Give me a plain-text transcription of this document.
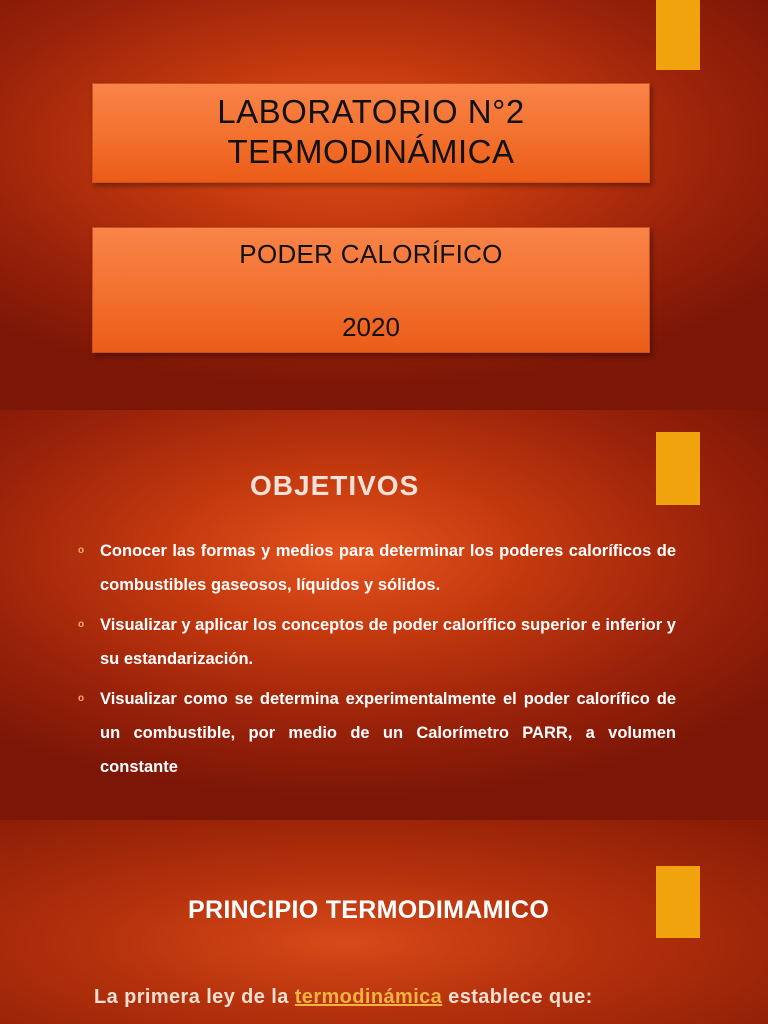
LABORATORIO N°2
TERMODINÁMICA
PODER CALORÍFICO
2020
OBJETIVOS
o Conocer las formas y medios para determinar los poderes caloríficos de combustibles gaseosos, líquidos y sólidos.
o Visualizar y aplicar los conceptos de poder calorífico superior e inferior y su estandarización.
o Visualizar como se determina experimentalmente el poder calorífico de un combustible, por medio de un Calorímetro PARR, a volumen constante
PRINCIPIO TERMODIMAMICO
La primera ley de la termodinámica establece que:
